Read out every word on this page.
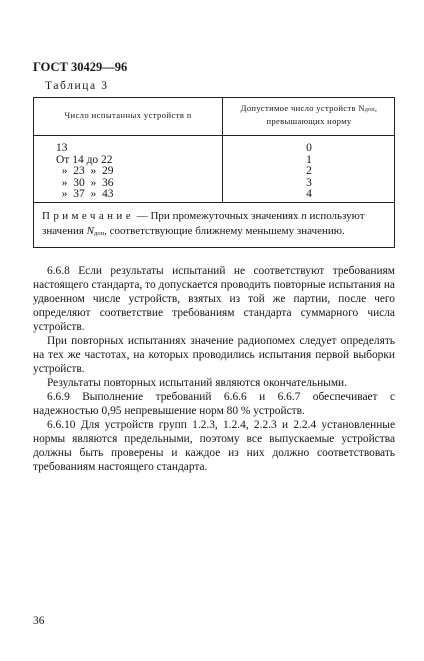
ГОСТ 30429—96
Таблица 3
Число испытанных устройств n
Допустимое число устройств Nдоп,
превышающих норму
13
От 14 до 22
»  23  »  29
»  30  »  36
»  37  »  43
0
1
2
3
4
Примечание — При промежуточных значениях n используют значения Nдоп, соответствующие ближнему меньшему значению.

6.6.8 Если результаты испытаний не соответствуют требованиям настоящего стандарта, то допускается проводить повторные испытания на удвоенном числе устройств, взятых из той же партии, после чего определяют соответствие требованиям стандарта суммарного числа устройств.

При повторных испытаниях значение радиопомех следует определять на тех же частотах, на которых проводились испытания первой выборки устройств.

Результаты повторных испытаний являются окончательными.

6.6.9 Выполнение требований 6.6.6 и 6.6.7 обеспечивает с надежностью 0,95 непревышение норм 80 % устройств.

6.6.10 Для устройств групп 1.2.3, 1.2.4, 2.2.3 и 2.2.4 установленные нормы являются предельными, поэтому все выпускаемые устройства должны быть проверены и каждое из них должно соответствовать требованиям настоящего стандарта.

36
